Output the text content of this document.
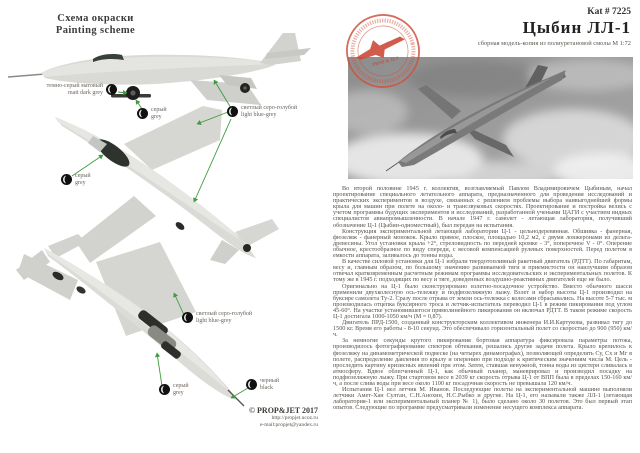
Схема окраски
Painting scheme
темно-серый матовый
matt dark grey
серый
grey
светлый серо-голубой
light blue-grey
серый
grey
светлый серо-голубой
light blue-grey
серый
grey
черный
black
© PROP&JET 2017
http://propjet.ucoz.ru
e-mail:propjet@yandex.ru
Kat # 7225
Цыбин ЛЛ-1
сборная модель-копия из полиуретановой смолы М 1:72
PROP & JET

Во второй половине 1945 г. коллектив, возглавляемый Павлом Владимировичем Цыбиным, начал проектирование специального летательного аппарата, предназначенного для проведения исследований и практических экспериментов в воздухе, связанных с решением проблемы выбора наивыгоднейшей формы крыла для машин при полете на около- и трансзвуковых скоростях. Проектирование и постройка велись с учетом программы будущих экспериментов и исследований, разработанной учеными ЦАГИ с участием видных специалистов авиапромышленности. В начале 1947 г. самолет - летающая лаборатория, получивший обозначение Ц-1 (Цыбин-одноместный), был передан на испытания.

Конструкция экспериментальной летающей лаборатории Ц-1 - цельнодеревянная. Обшивка - фанерная, фюзеляж - фанерный монокок. Крыло прямое, плоское, площадью 10,2 м2, с двумя лонжеронами из дельта-древесины. Угол установки крыла +2°, стреловидность по передней кромке - 3°, поперечное V - 0°. Оперение обычное, крестообразное по виду спереди, с весовой компенсацией рулевых поверхностей. Перед полетом в емкости аппарата, заливалось до тонны воды.

В качестве силовой установки для Ц-1 избрали твердотопливный ракетный двигатель (РДТТ). По габаритам, весу и, главным образом, по большому значению развиваемой тяги и приемистости он наилучшим образом отвечал кратковременным расчетным режимам программы исследовательских и экспериментальных полетов. К тому же в 1945 г. подходящих по весу и тяге, доведенных воздушно-реактивных двигателей еще не было.

Оригинально на Ц-1 было сконструировано взлетно-посадочное устройство. Вместо обычного шасси применили двухколесную ось-тележку и подфюзеляжную лыжу. Взлет и набор высоты Ц-1 производил на буксире самолета Ту-2. Сразу после отрыва от земли ось-тележка с колесами сбрасывались. На высоте 5-7 тыс. м производилась отцепка буксирного троса и летчик-испытатель переводил Ц-1 в режим пикирования под углом 45-60°. На участке установившегося прямолинейного пикирования он включал РДТТ. В таком режиме скорость Ц-1 достигала 1000-1050 км/ч (М = 0,87).

Двигатель ПРД-1500, созданный конструкторским коллективом инженера И.И.Картукова, развивал тягу до 1500 кг. Время его работы - 8-10 секунд. Это обеспечивало горизонтальный полет со скоростью до 900 (950) км/ч.

За немногие секунды крутого пикирования бортовая аппаратура фиксировала параметры потока, производилось фотографирование спектров обтекания, решались другие задачи полета. Крыло крепилось к фюзеляжу на динамометрической подвеске (на четырех динамографах), позволяющей определять Су, Сх и Мг в полете, распределение давления по крылу и оперению при подходе к критическим значениям числа М. Цель - проследить картину кризисных явлений при этом. Затем, ставшая ненужной, тонна воды из цистерн сливалась в атмосферу. Вдвое облегченный Ц-1, как обычный планер, маневрировал и производил посадку на подфюзеляжную лыжу. При стартовом весе в 2039 кг скорость отрыва Ц-1 от ВПП была в пределах 150-160 км/ч, а после слива воды при весе около 1100 кг посадочная скорость не превышала 120 км/ч.

Испытания Ц-1 вел летчик М. Иванов. Последующие полеты на экспериментальной машине выполняли летчики Амет-Хан Султан, С.Н.Анохин, Н.С.Рыбко и другие. На Ц-1, его называли также ЛЛ-1 (летающая лаборатория-1 или экспериментальный планер № 1), было сделано около 30 полетов. Это был первый этап опытов. Следующие по программе предусматривали изменение несущего комплекса аппарата.
